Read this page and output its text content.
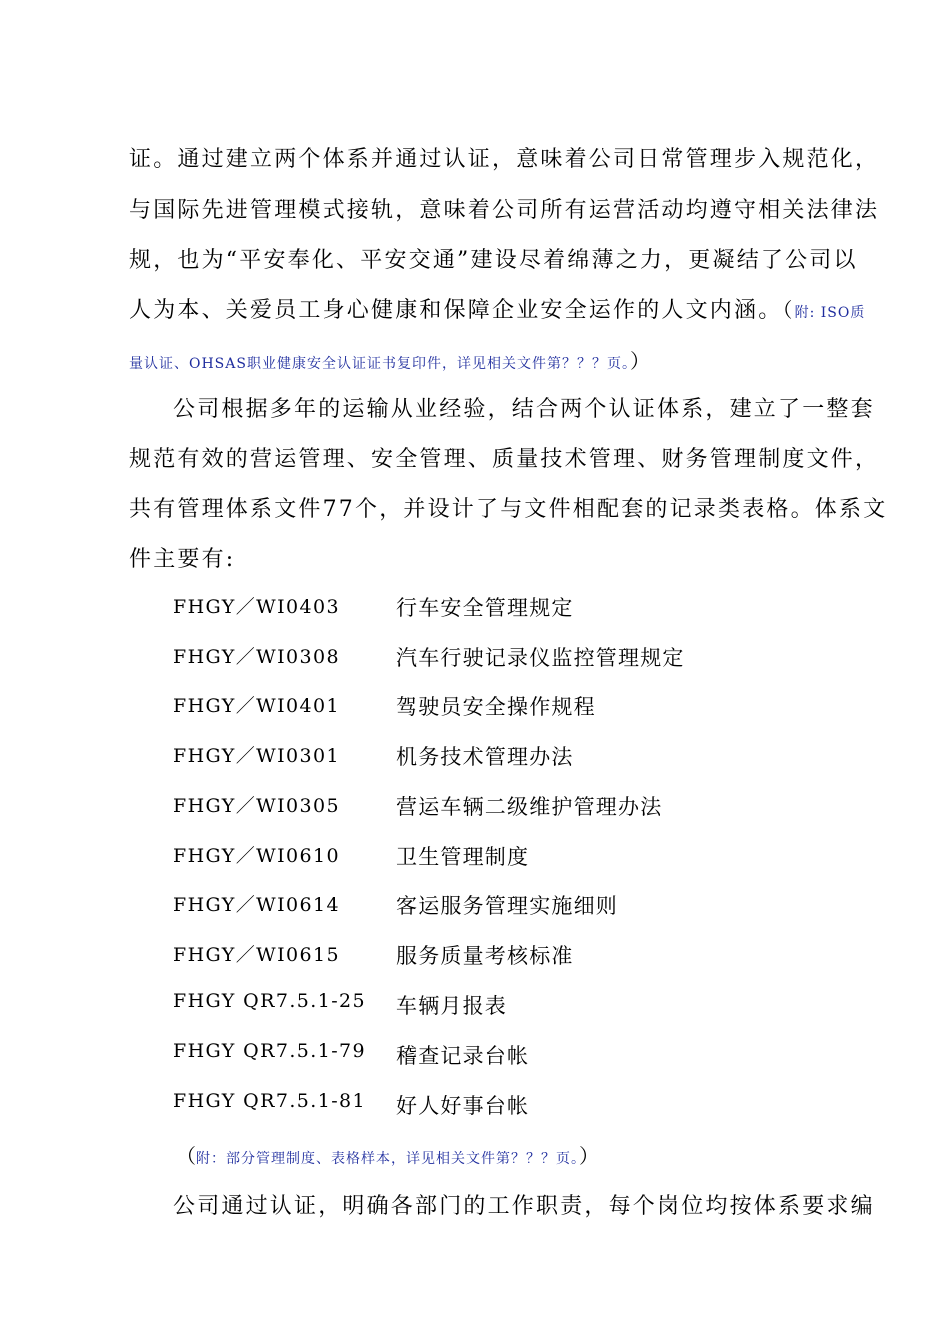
证。通过建立两个体系并通过认证，意味着公司日常管理步入规范化，
与国际先进管理模式接轨，意味着公司所有运营活动均遵守相关法律法
规，也为“平安奉化、平安交通”建设尽着绵薄之力，更凝结了公司以
人为本、关爱员工身心健康和保障企业安全运作的人文内涵。（附: ISO质
量认证、OHSAS职业健康安全认证证书复印件，详见相关文件第？？？页。）
公司根据多年的运输从业经验，结合两个认证体系，建立了一整套
规范有效的营运管理、安全管理、质量技术管理、财务管理制度文件，
共有管理体系文件77个，并设计了与文件相配套的记录类表格。体系文
件主要有:
FHGY／WI0403	行车安全管理规定
FHGY／WI0308	汽车行驶记录仪监控管理规定
FHGY／WI0401	驾驶员安全操作规程
FHGY／WI0301	机务技术管理办法
FHGY／WI0305	营运车辆二级维护管理办法
FHGY／WI0610	卫生管理制度
FHGY／WI0614	客运服务管理实施细则
FHGY／WI0615	服务质量考核标准
FHGY QR7.5.1-25 车辆月报表
FHGY QR7.5.1-79 稽查记录台帐
FHGY QR7.5.1-81 好人好事台帐
（附：部分管理制度、表格样本，详见相关文件第？？？页。）
公司通过认证，明确各部门的工作职责，每个岗位均按体系要求编
